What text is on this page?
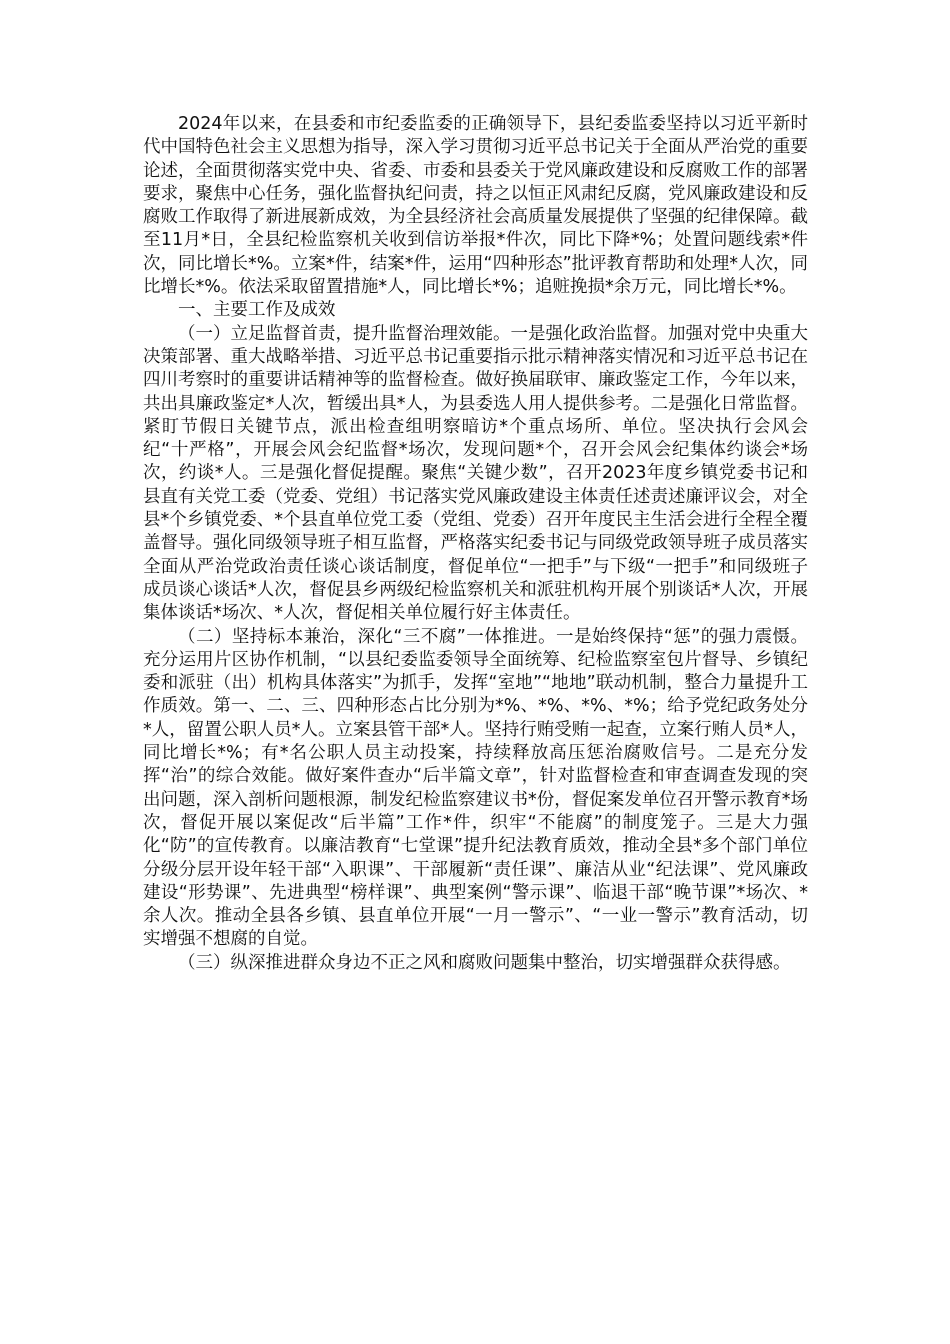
2024年以来，在县委和市纪委监委的正确领导下，县纪委监委坚持以习近平新时代中国特色社会主义思想为指导，深入学习贯彻习近平总书记关于全面从严治党的重要论述，全面贯彻落实党中央、省委、市委和县委关于党风廉政建设和反腐败工作的部署要求，聚焦中心任务，强化监督执纪问责，持之以恒正风肃纪反腐，党风廉政建设和反腐败工作取得了新进展新成效，为全县经济社会高质量发展提供了坚强的纪律保障。截至11月*日，全县纪检监察机关收到信访举报*件次，同比下降*%；处置问题线索*件次，同比增长*%。立案*件，结案*件，运用“四种形态”批评教育帮助和处理*人次，同比增长*%。依法采取留置措施*人，同比增长*%；追赃挽损*余万元，同比增长*%。

一、主要工作及成效

（一）立足监督首责，提升监督治理效能。一是强化政治监督。加强对党中央重大决策部署、重大战略举措、习近平总书记重要指示批示精神落实情况和习近平总书记在四川考察时的重要讲话精神等的监督检查。做好换届联审、廉政鉴定工作，今年以来，共出具廉政鉴定*人次，暂缓出具*人，为县委选人用人提供参考。二是强化日常监督。紧盯节假日关键节点，派出检查组明察暗访*个重点场所、单位。坚决执行会风会纪“十严格”，开展会风会纪监督*场次，发现问题*个，召开会风会纪集体约谈会*场次，约谈*人。三是强化督促提醒。聚焦“关键少数”，召开2023年度乡镇党委书记和县直有关党工委（党委、党组）书记落实党风廉政建设主体责任述责述廉评议会，对全县*个乡镇党委、*个县直单位党工委（党组、党委）召开年度民主生活会进行全程全覆盖督导。强化同级领导班子相互监督，严格落实纪委书记与同级党政领导班子成员落实全面从严治党政治责任谈心谈话制度，督促单位“一把手”与下级“一把手”和同级班子成员谈心谈话*人次，督促县乡两级纪检监察机关和派驻机构开展个别谈话*人次，开展集体谈话*场次、*人次，督促相关单位履行好主体责任。

（二）坚持标本兼治，深化“三不腐”一体推进。一是始终保持“惩”的强力震慑。充分运用片区协作机制，“以县纪委监委领导全面统筹、纪检监察室包片督导、乡镇纪委和派驻（出）机构具体落实”为抓手，发挥“室地”“地地”联动机制，整合力量提升工作质效。第一、二、三、四种形态占比分别为*%、*%、*%、*%；给予党纪政务处分*人，留置公职人员*人。立案县管干部*人。坚持行贿受贿一起查，立案行贿人员*人，同比增长*%；有*名公职人员主动投案，持续释放高压惩治腐败信号。二是充分发挥“治”的综合效能。做好案件查办“后半篇文章”，针对监督检查和审查调查发现的突出问题，深入剖析问题根源，制发纪检监察建议书*份，督促案发单位召开警示教育*场次，督促开展以案促改“后半篇”工作*件，织牢“不能腐”的制度笼子。三是大力强化“防”的宣传教育。以廉洁教育“七堂课”提升纪法教育质效，推动全县*多个部门单位分级分层开设年轻干部“入职课”、干部履新“责任课”、廉洁从业“纪法课”、党风廉政建设“形势课”、先进典型“榜样课”、典型案例“警示课”、临退干部“晚节课”*场次、*余人次。推动全县各乡镇、县直单位开展“一月一警示”、“一业一警示”教育活动，切实增强不想腐的自觉。

（三）纵深推进群众身边不正之风和腐败问题集中整治，切实增强群众获得感。
